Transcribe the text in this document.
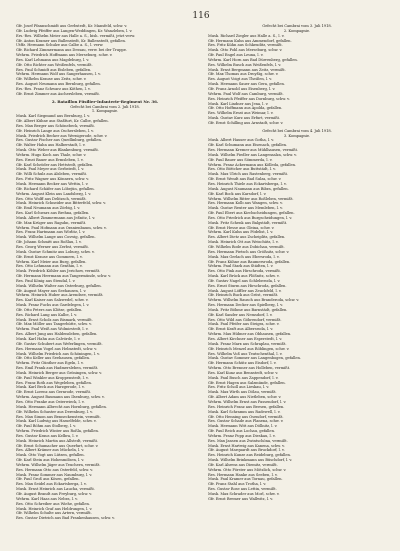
116
Gfr. Josef Pfannschmidt aus Gerbstedt, Kr. Mansfeld, schw. v.
Gfr. Ludwig Pfeiffer aus Langen-Weddingen, Kr. Wanzleben, l. v.
Ers.-Res. Wilhelm Meier aus Halle a. S., bish. vermißt, jetzt verw.
Gfr. Anton Kramer aus Ballenstedt, Kr. Ballenstedt, gefallen.
Utffz. Hermann Schulze aus Calbe a. S., l. verw.
Gfr. Richard Zimmermann aus Dessau, verw. bei der Truppe.
Wehrm. Friedrich Hoffmann aus Merseburg, schw. v.
Res. Karl Lehmann aus Magdeburg, l. v.
Gfr. Otto Richter aus Weißenfels, vermißt.
Res. Paul Schmidt aus Eisleben, gefallen.
Wehrm. Hermann Wolf aus Sangerhausen, l. v.
Gfr. Wilhelm Krause aus Zeitz, schw. v.
Res. August Neumann aus Bernburg, gefallen.
Ers.-Res. Franz Schwarz aus Köthen, l. v.
Gfr. Ernst Zimmer aus Aschersleben, vermißt.
2. Bataillon Füsilier-Infanterie-Regiment Nr. 36.
Gefecht bei Cambrai vom 2. Juli 1918.
1. Kompagnie.
Musk. Karl Siegmund aus Bernburg, l. v.
Gfr. Albert Kühne aus Staßfurt, Kr. Calbe, gefallen.
Res. Max Berger aus Schönebeck, vermißt.
Gfr. Heinrich Lange aus Oschersleben, l. v.
Musk. Friedrich Becker aus Wernigerode, schw. v.
Res. Gustav Fischer aus Quedlinburg, gefallen.
Gfr. Walter Hahn aus Halberstadt, l. v.
Musk. Otto Weber aus Blankenburg, vermißt.
Wehrm. Hugo Koch aus Thale, schw. v.
Res. Ernst Bauer aus Ermsleben, l. v.
Gfr. Karl Schröder aus Hettstedt, gefallen.
Musk. Paul Meyer aus Gerbstedt, l. v.
Gfr. Willi Schulz aus Alsleben, vermißt.
Res. Fritz Wagner aus Könnern, schw. v.
Musk. Hermann Becker aus Wettin, l. v.
Gfr. Richard Schäfer aus Löbejün, gefallen.
Wehrm. August Klein aus Landsberg, l. v.
Res. Otto Wolff aus Delitzsch, vermißt.
Musk. Heinrich Schneider aus Bitterfeld, schw. v.
Gfr. Emil Neumann aus Zörbig, l. v.
Res. Karl Schwarz aus Brehna, gefallen.
Musk. Albert Zimmermann aus Jeßnitz, l. v.
Gfr. Max Krüger aus Raguhn, vermißt.
Wehrm. Paul Hofmann aus Oranienbaum, schw. v.
Res. Franz Hartmann aus Wörlitz, l. v.
Musk. Wilhelm Lange aus Coswig, gefallen.
Gfr. Johann Schmitt aus Roßlau, l. v.
Res. Georg Werner aus Zerbst, vermißt.
Musk. Gustav Schmitz aus Loburg, schw. v.
Gfr. Ernst Krause aus Gommern, l. v.
Wehrm. Karl Meier aus Burg, gefallen.
Res. Otto Lehmann aus Genthin, l. v.
Musk. Friedrich Köhler aus Jerichow, vermißt.
Gfr. Hermann Herrmann aus Tangermünde, schw. v.
Res. Paul König aus Stendal, l. v.
Musk. Wilhelm Walter aus Osterburg, gefallen.
Gfr. August Mayer aus Seehausen, l. v.
Wehrm. Heinrich Huber aus Arendsee, vermißt.
Res. Karl Kaiser aus Salzwedel, schw. v.
Musk. Franz Fuchs aus Gardelegen, l. v.
Gfr. Otto Peters aus Klötze, gefallen.
Res. Richard Lang aus Kalbe, l. v.
Musk. Ernst Scholz aus Bismark, vermißt.
Gfr. Max Möller aus Tangerhütte, schw. v.
Wehrm. Paul Weiß aus Wolmirstedt, l. v.
Res. Albert Jung aus Haldensleben, gefallen.
Musk. Karl Hahn aus Calvörde, l. v.
Gfr. Gustav Schubert aus Weferlingen, vermißt.
Res. Hermann Vogel aus Helmstedt, schw. v.
Musk. Wilhelm Friedrich aus Schöningen, l. v.
Gfr. Otto Keller aus Seehausen, gefallen.
Wehrm. Fritz Günther aus Egeln, l. v.
Res. Emil Frank aus Hadmersleben, vermißt.
Musk. Heinrich Berger aus Gröningen, schw. v.
Gfr. Paul Winkler aus Kroppenstedt, l. v.
Res. Franz Roth aus Wegeleben, gefallen.
Musk. Karl Beck aus Harzgerode, l. v.
Gfr. Ernst Lorenz aus Gernrode, vermißt.
Wehrm. August Baumann aus Ilsenburg, schw. v.
Res. Otto Franke aus Osterwieck, l. v.
Musk. Hermann Albrecht aus Hornburg, gefallen.
Gfr. Wilhelm Schuster aus Derenburg, l. v.
Res. Max Simon aus Benneckenstein, vermißt.
Musk. Karl Ludwig aus Hasselfelde, schw. v.
Gfr. Paul Böhm aus Stolberg, l. v.
Wehrm. Friedrich Winter aus Roßla, gefallen.
Res. Gustav Kraus aus Kelbra, l. v.
Musk. Heinrich Martin aus Allstedt, vermißt.
Gfr. Ernst Schumacher aus Querfurt, schw. v.
Res. Albert Krämer aus Mücheln, l. v.
Musk. Otto Vogt aus Lützen, gefallen.
Gfr. Karl Stein aus Hohenmölsen, l. v.
Wehrm. Wilhelm Jäger aus Teuchern, vermißt.
Res. Hermann Otto aus Osterfeld, schw. v.
Musk. Franz Sommer aus Naumburg, l. v.
Gfr. Paul Groß aus Kösen, gefallen.
Res. Max Seidel aus Eckartsberga, l. v.
Musk. Ernst Heinrich aus Laucha, vermißt.
Gfr. August Brandt aus Freyburg, schw. v.
Wehrm. Karl Haas aus Nebra, l. v.
Res. Otto Schreiber aus Wiehe, gefallen.
Musk. Heinrich Graf aus Heldrungen, l. v.
Gfr. Wilhelm Schulte aus Artern, vermißt.
Res. Gustav Dietrich aus Bad Frankenhausen, schw. v.
Gefecht bei Cambrai vom 3. Juli 1918.
2. Kompagnie.
Musk. Richard Ziegler aus Halle a. S., l. v.
Gfr. Hermann Kuhn aus Ammendorf, gefallen.
Res. Fritz Kühn aus Schkeuditz, vermißt.
Musk. Otto Pohl aus Merseburg, schw. v.
Gfr. Paul Engel aus Leuna, l. v.
Wehrm. Karl Horn aus Bad Dürrenberg, gefallen.
Res. Wilhelm Busch aus Weißenfels, l. v.
Musk. Ernst Bergmann aus Zeitz, vermißt.
Gfr. Max Thomas aus Droyßig, schw. v.
Res. August Voigt aus Theißen, l. v.
Musk. Hermann Sauer aus Gera, gefallen.
Gfr. Franz Arnold aus Eisenberg, l. v.
Wehrm. Paul Wolf aus Camburg, vermißt.
Res. Heinrich Pfeiffer aus Dornburg, schw. v.
Musk. Karl Lindner aus Jena, l. v.
Gfr. Otto Hoffmann aus Apolda, gefallen.
Res. Wilhelm Ernst aus Weimar, l. v.
Musk. Gustav Kurz aus Erfurt, vermißt.
Gfr. Ernst Schilling aus Arnstadt, schw. v.
Gefecht bei Cambrai vom 4. Juli 1918.
3. Kompagnie.
Musk. Albert Hauser aus Gotha, l. v.
Gfr. Karl Schumann aus Eisenach, gefallen.
Res. Hermann Kremer aus Mühlhausen, vermißt.
Musk. Wilhelm Fiedler aus Langensalza, schw. v.
Gfr. Paul Bauer aus Sömmerda, l. v.
Wehrm. Franz Ackermann aus Kölleda, gefallen.
Res. Otto Böttcher aus Buttstädt, l. v.
Musk. Max Ulrich aus Rastenberg, vermißt.
Gfr. Ernst Wendt aus Bad Sulza, schw. v.
Res. Heinrich Thiele aus Eckartsberga, l. v.
Musk. August Naumann aus Bibra, gefallen.
Gfr. Karl Bock aus Karsdorf, l. v.
Wehrm. Wilhelm Ritter aus Roßleben, vermißt.
Res. Hermann Kolb aus Wangen, schw. v.
Musk. Gustav Reuter aus Memleben, l. v.
Gfr. Paul Ebert aus Kirchscheidungen, gefallen.
Res. Otto Friedrich aus Burgscheidungen, l. v.
Musk. Fritz Schenk aus Balgstädt, vermißt.
Gfr. Ernst Hesse aus Gleina, schw. v.
Wehrm. Karl Kuhn aus Pödelist, l. v.
Res. Albert Dietz aus Zscheiplitz, gefallen.
Musk. Heinrich Ott aus Weischütz, l. v.
Gfr. Wilhelm Bode aus Dobichau, vermißt.
Res. Hermann Pietsch aus Größnitz, schw. v.
Musk. Max Gerlach aus Ebersroda, l. v.
Gfr. Franz Kühne aus Baumersroda, gefallen.
Wehrm. Paul Stark aus Städten, l. v.
Res. Otto Fink aus Hirschroda, vermißt.
Musk. Karl Brück aus Plößnitz, schw. v.
Gfr. Gustav Nagel aus Schleberoda, l. v.
Res. Ernst Sturm aus Hirschroda, gefallen.
Musk. August Löffler aus Zeuchfeld, l. v.
Gfr. Heinrich Buck aus Gröst, vermißt.
Wehrm. Wilhelm Rausch aus Branderoda, schw. v.
Res. Hermann Decker aus Spielberg, l. v.
Musk. Fritz Böhme aus Barnstädt, gefallen.
Gfr. Karl Sander aus Nemsdorf, l. v.
Res. Otto Wild aus Göhrendorf, vermißt.
Musk. Paul Pfeifer aus Steigra, schw. v.
Gfr. Ernst Kraft aus Albersroda, l. v.
Wehrm. Max Hübner aus Obhausen, gefallen.
Res. Albert Kirchner aus Esperstedt, l. v.
Musk. Franz Marx aus Schraplau, vermißt.
Gfr. Heinrich Menzel aus Röblingen, schw. v.
Res. Wilhelm Voß aus Teutschenthal, l. v.
Musk. Gustav Sommer aus Langenbogen, gefallen.
Gfr. Hermann Schütz aus Eisdorf, l. v.
Wehrm. Otto Brenner aus Holleben, vermißt.
Res. Karl Kunz aus Bennstedt, schw. v.
Musk. Paul Busch aus Zappendorf, l. v.
Gfr. Ernst Hagen aus Salzmünde, gefallen.
Res. Fritz Scholl aus Lieskau, l. v.
Musk. Max Wirth aus Dölau, vermißt.
Gfr. Albert Adam aus Nietleben, schw. v.
Wehrm. Wilhelm Ernst aus Passendorf, l. v.
Res. Heinrich Franz aus Beesen, gefallen.
Musk. Karl Schramm aus Radewell, l. v.
Gfr. Otto Henning aus Osendorf, vermißt.
Res. Gustav Schade aus Planena, schw. v.
Musk. Hermann Witt aus Döllnitz, l. v.
Gfr. Paul Reich aus Lochau, gefallen.
Wehrm. Franz Popp aus Dieskau, l. v.
Res. Max Jansen aus Zwintschöna, vermißt.
Musk. Ernst Hartwig aus Kanena, schw. v.
Gfr. August Marquardt aus Bruckdorf, l. v.
Res. Heinrich Kunze aus Reideburg, gefallen.
Musk. Wilhelm Brinkmann aus Büschdorf, l. v.
Gfr. Karl Ahrens aus Diemitz, vermißt.
Wehrm. Otto Förster aus Mötzlich, schw. v.
Res. Hermann Hanke aus Seeben, l. v.
Musk. Paul Kramer aus Tornau, gefallen.
Gfr. Franz Stahl aus Trotha, l. v.
Res. Gustav Rose aus Lettin, vermißt.
Musk. Max Schrader aus Morl, schw. v.
Gfr. Ernst Bremer aus Wallwitz, l. v.
